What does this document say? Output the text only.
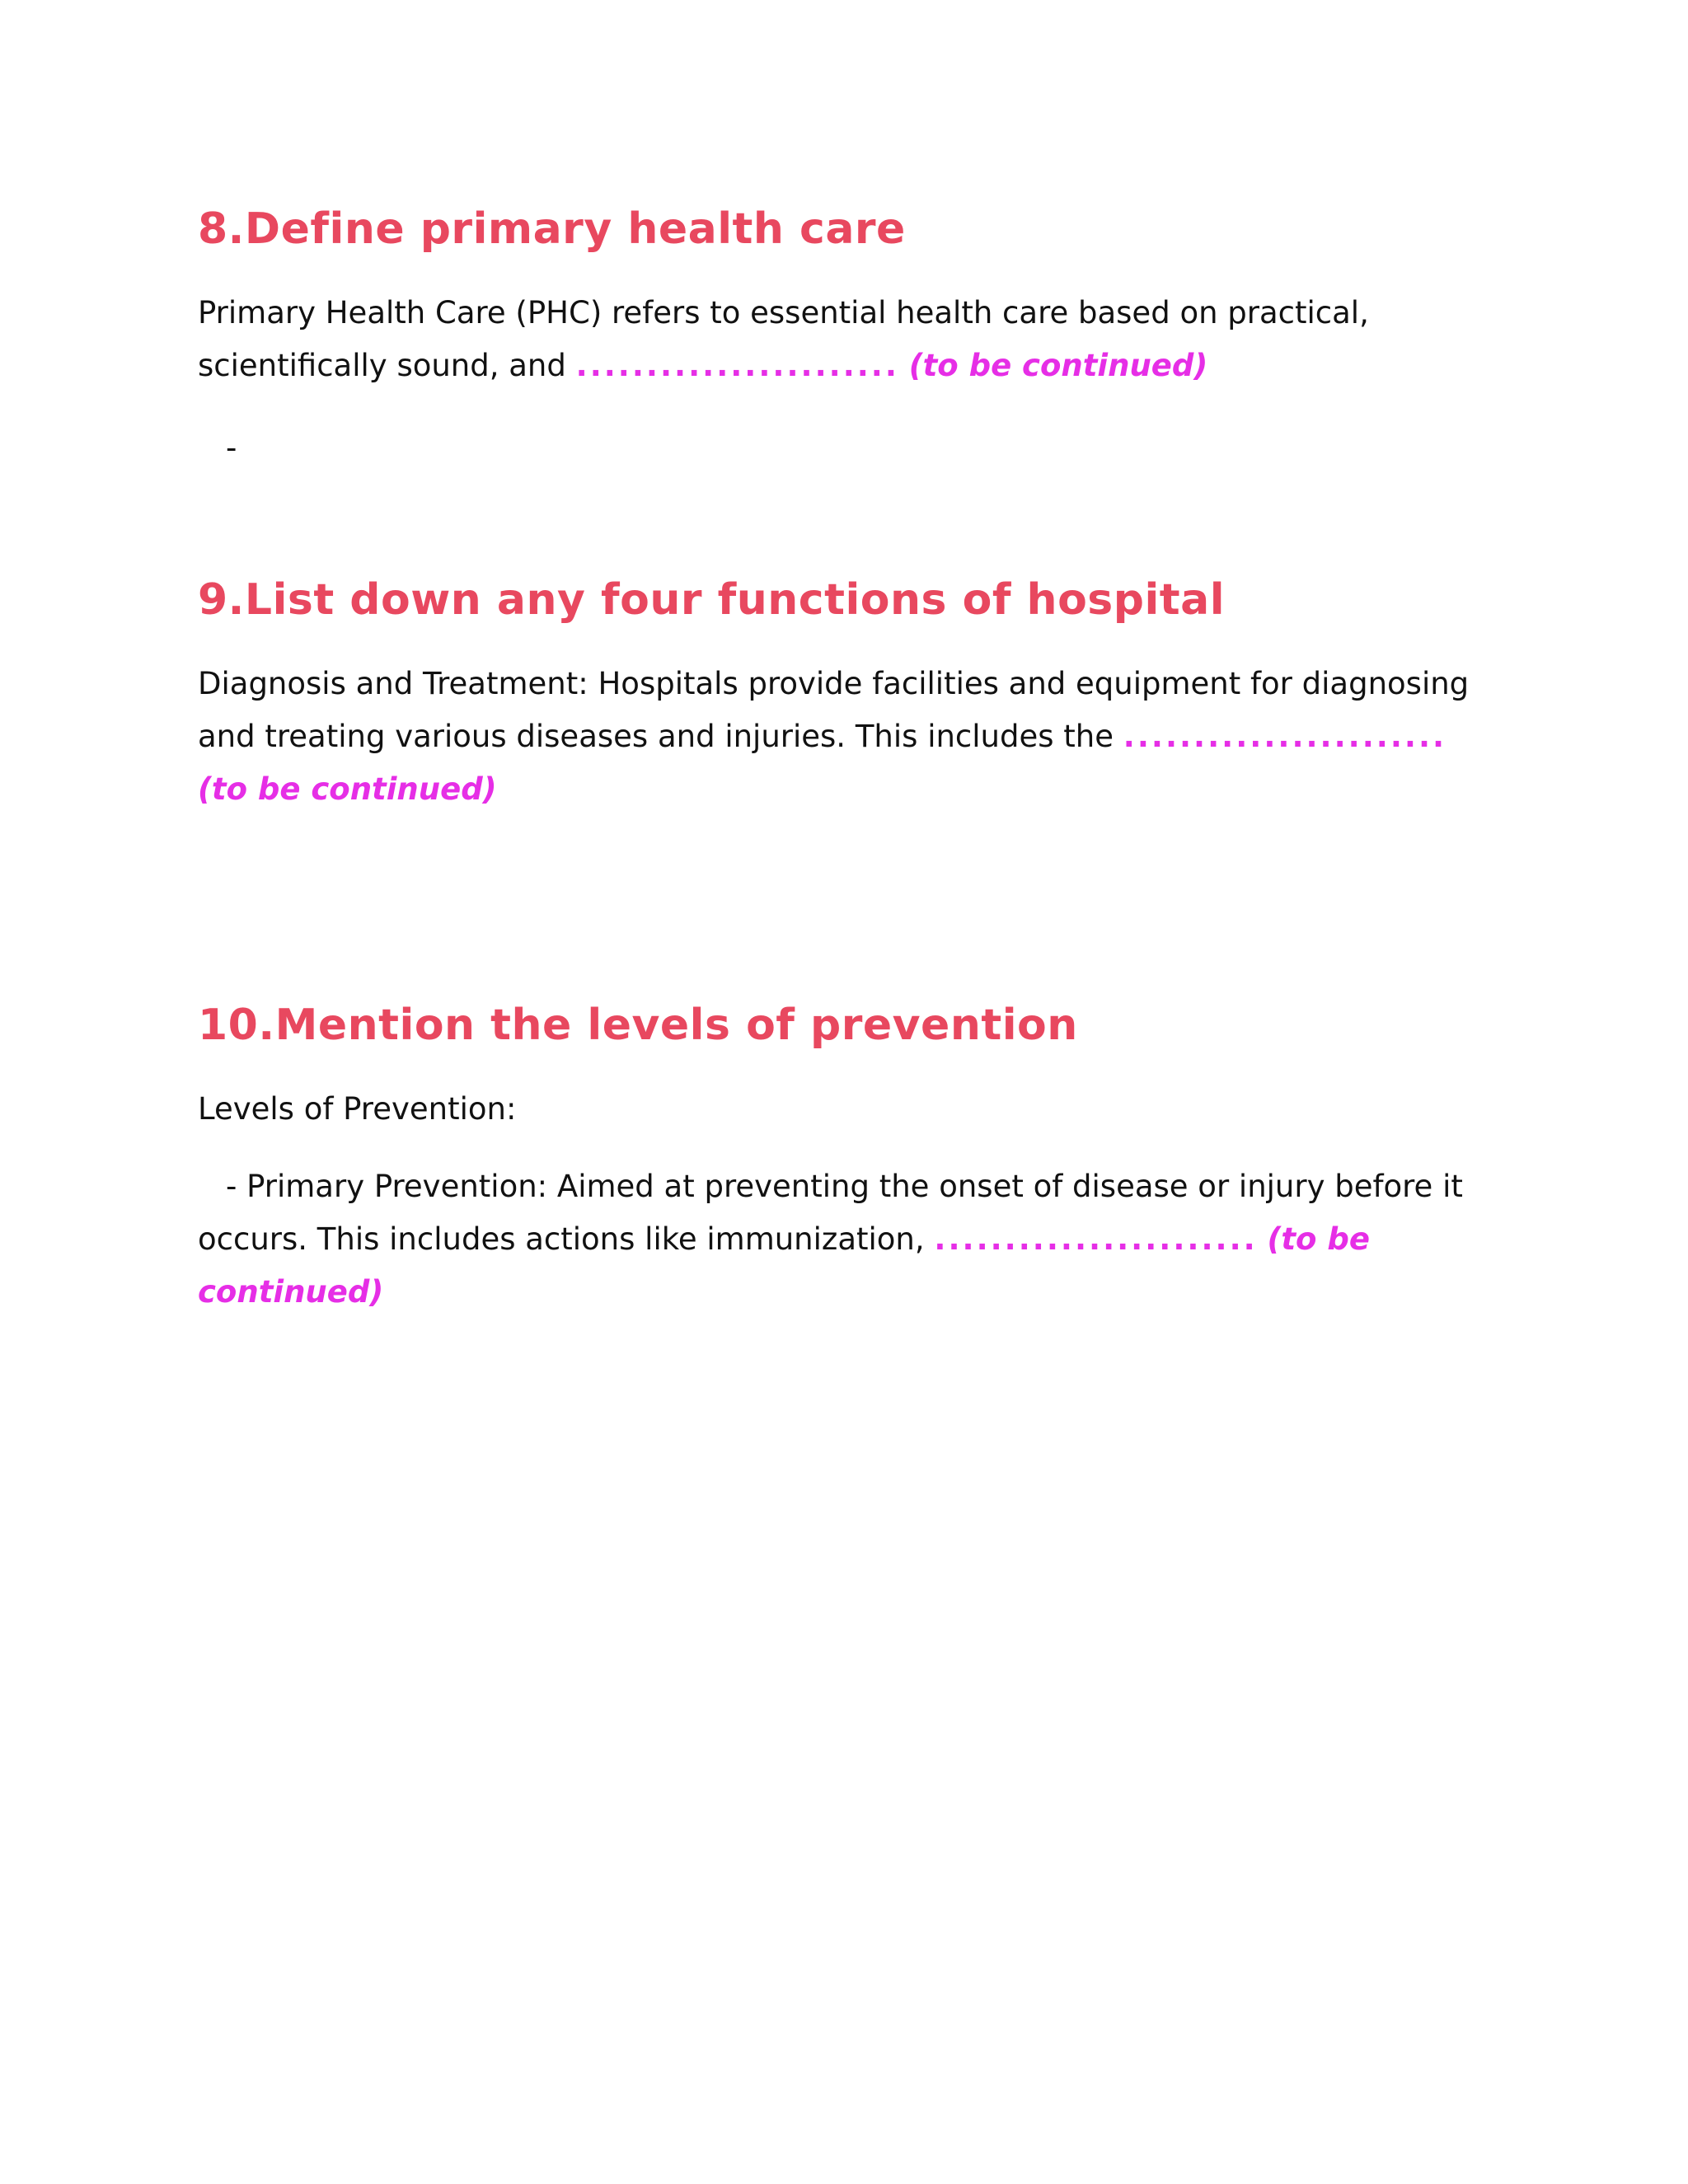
8.Define primary health care

Primary Health Care (PHC) refers to essential health care based on practical, scientifically sound, and ....................... (to be continued)

-
9.List down any four functions of hospital

Diagnosis and Treatment: Hospitals provide facilities and equipment for diagnosing and treating various diseases and injuries. This includes the ....................... (to be continued)

10.Mention the levels of prevention

Levels of Prevention:

- Primary Prevention: Aimed at preventing the onset of disease or injury before it occurs. This includes actions like immunization, ....................... (to be continued)
